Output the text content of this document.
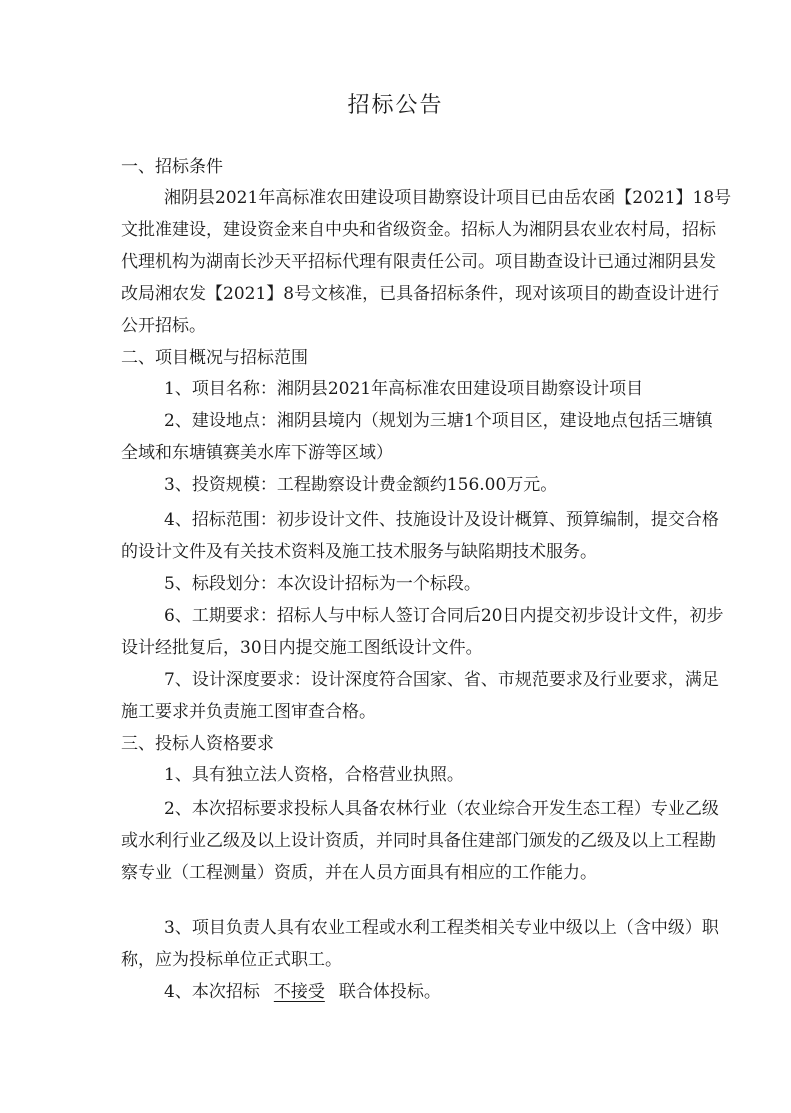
招标公告
一、招标条件
湘阴县2021年高标准农田建设项目勘察设计项目已由岳农函【2021】18号
文批准建设，建设资金来自中央和省级资金。招标人为湘阴县农业农村局，招标
代理机构为湖南长沙天平招标代理有限责任公司。项目勘查设计已通过湘阴县发
改局湘农发【2021】8号文核准，已具备招标条件，现对该项目的勘查设计进行
公开招标。
二、项目概况与招标范围
1、项目名称：湘阴县2021年高标准农田建设项目勘察设计项目
2、建设地点：湘阴县境内（规划为三塘1个项目区，建设地点包括三塘镇
全域和东塘镇赛美水库下游等区域）
3、投资规模：工程勘察设计费金额约156.00万元。
4、招标范围：初步设计文件、技施设计及设计概算、预算编制，提交合格
的设计文件及有关技术资料及施工技术服务与缺陷期技术服务。
5、标段划分：本次设计招标为一个标段。
6、工期要求：招标人与中标人签订合同后20日内提交初步设计文件，初步
设计经批复后，30日内提交施工图纸设计文件。
7、设计深度要求：设计深度符合国家、省、市规范要求及行业要求，满足
施工要求并负责施工图审查合格。
三、投标人资格要求
1、具有独立法人资格，合格营业执照。
2、本次招标要求投标人具备农林行业（农业综合开发生态工程）专业乙级
或水利行业乙级及以上设计资质，并同时具备住建部门颁发的乙级及以上工程勘
察专业（工程测量）资质，并在人员方面具有相应的工作能力。
3、项目负责人具有农业工程或水利工程类相关专业中级以上（含中级）职
称，应为投标单位正式职工。
4、本次招标 不接受 联合体投标。
